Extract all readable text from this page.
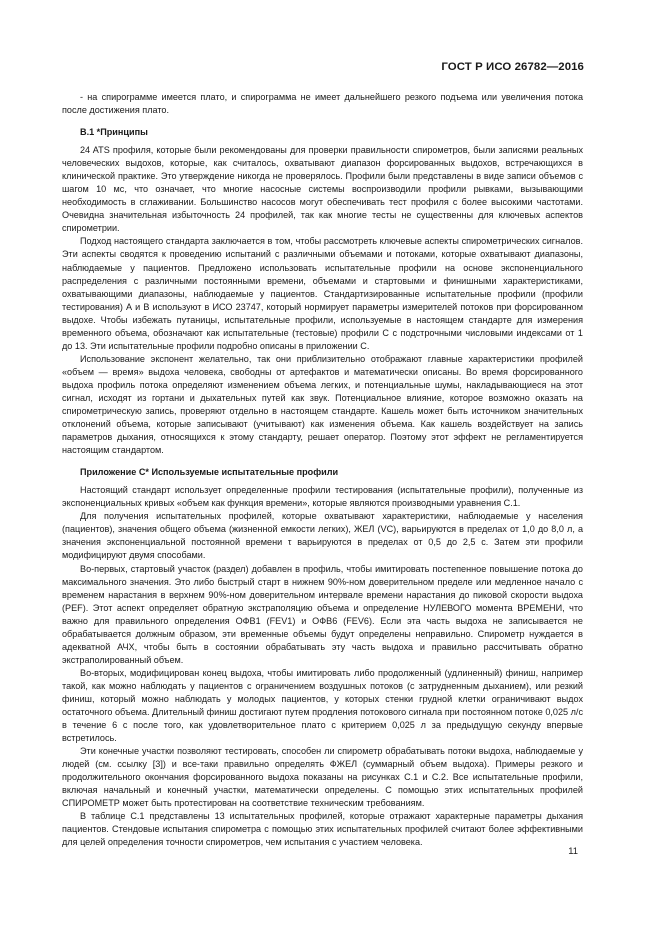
ГОСТ Р ИСО 26782—2016

- на спирограмме имеется плато, и спирограмма не имеет дальнейшего резкого подъема или увеличения потока после достижения плато.

В.1 *Принципы

24 ATS профиля, которые были рекомендованы для проверки правильности спирометров, были записями реальных человеческих выдохов, которые, как считалось, охватывают диапазон форсированных выдохов, встречающихся в клинической практике. Это утверждение никогда не проверялось. Профили были представлены в виде записи объемов с шагом 10 мс, что означает, что многие насосные системы воспроизводили профили рывками, вызывающими необходимость в сглаживании. Большинство насосов могут обеспечивать тест профиля с более высокими частотами. Очевидна значительная избыточность 24 профилей, так как многие тесты не существенны для ключевых аспектов спирометрии.

Подход настоящего стандарта заключается в том, чтобы рассмотреть ключевые аспекты спирометрических сигналов. Эти аспекты сводятся к проведению испытаний с различными объемами и потоками, которые охватывают диапазоны, наблюдаемые у пациентов. Предложено использовать испытательные профили на основе экспоненциального распределения с различными постоянными времени, объемами и стартовыми и финишными характеристиками, охватывающими диапазоны, наблюдаемые у пациентов. Стандартизированные испытательные профили (профили тестирования) А и В используют в ИСО 23747, который нормирует параметры измерителей потоков при форсированном выдохе. Чтобы избежать путаницы, испытательные профили, используемые в настоящем стандарте для измерения временного объема, обозначают как испытательные (тестовые) профили С с подстрочными числовыми индексами от 1 до 13. Эти испытательные профили подробно описаны в приложении С.

Использование экспонент желательно, так они приблизительно отображают главные характеристики профилей «объем — время» выдоха человека, свободны от артефактов и математически описаны. Во время форсированного выдоха профиль потока определяют изменением объема легких, и потенциальные шумы, накладывающиеся на этот сигнал, исходят из гортани и дыхательных путей как звук. Потенциальное влияние, которое возможно оказать на спирометрическую запись, проверяют отдельно в настоящем стандарте. Кашель может быть источником значительных отклонений объема, которые записывают (учитывают) как изменения объема. Как кашель воздействует на запись параметров дыхания, относящихся к этому стандарту, решает оператор. Поэтому этот эффект не регламентируется настоящим стандартом.

Приложение С* Используемые испытательные профили

Настоящий стандарт использует определенные профили тестирования (испытательные профили), полученные из экспоненциальных кривых «объем как функция времени», которые являются производными уравнения С.1.

Для получения испытательных профилей, которые охватывают характеристики, наблюдаемые у населения (пациентов), значения общего объема (жизненной емкости легких), ЖЕЛ (VC), варьируются в пределах от 1,0 до 8,0 л, а значения экспоненциальной постоянной времени τ варьируются в пределах от 0,5 до 2,5 с. Затем эти профили модифицируют двумя способами.

Во-первых, стартовый участок (раздел) добавлен в профиль, чтобы имитировать постепенное повышение потока до максимального значения. Это либо быстрый старт в нижнем 90%-ном доверительном пределе или медленное начало с временем нарастания в верхнем 90%-ном доверительном интервале времени нарастания до пиковой скорости выдоха (PEF). Этот аспект определяет обратную экстраполяцию объема и определение НУЛЕВОГО момента ВРЕМЕНИ, что важно для правильного определения ОФВ1 (FEV1) и ОФВ6 (FEV6). Если эта часть выдоха не записывается не обрабатывается должным образом, эти временные объемы будут определены неправильно. Спирометр нуждается в адекватной АЧХ, чтобы быть в состоянии обрабатывать эту часть выдоха и правильно рассчитывать обратно экстраполированный объем.

Во-вторых, модифицирован конец выдоха, чтобы имитировать либо продолженный (удлиненный) финиш, например такой, как можно наблюдать у пациентов с ограничением воздушных потоков (с затрудненным дыханием), или резкий финиш, который можно наблюдать у молодых пациентов, у которых стенки грудной клетки ограничивают выдох остаточного объема. Длительный финиш достигают путем продления потокового сигнала при постоянном потоке 0,025 л/с в течение 6 с после того, как удовлетворительное плато с критерием 0,025 л за предыдущую секунду впервые встретилось.

Эти конечные участки позволяют тестировать, способен ли спирометр обрабатывать потоки выдоха, наблюдаемые у людей (см. ссылку [3]) и все-таки правильно определять ФЖЕЛ (суммарный объем выдоха). Примеры резкого и продолжительного окончания форсированного выдоха показаны на рисунках С.1 и С.2. Все испытательные профили, включая начальный и конечный участки, математически определены. С помощью этих испытательных профилей СПИРОМЕТР может быть протестирован на соответствие техническим требованиям.

В таблице С.1 представлены 13 испытательных профилей, которые отражают характерные параметры дыхания пациентов. Стендовые испытания спирометра с помощью этих испытательных профилей считают более эффективными для целей определения точности спирометров, чем испытания с участием человека.

11
